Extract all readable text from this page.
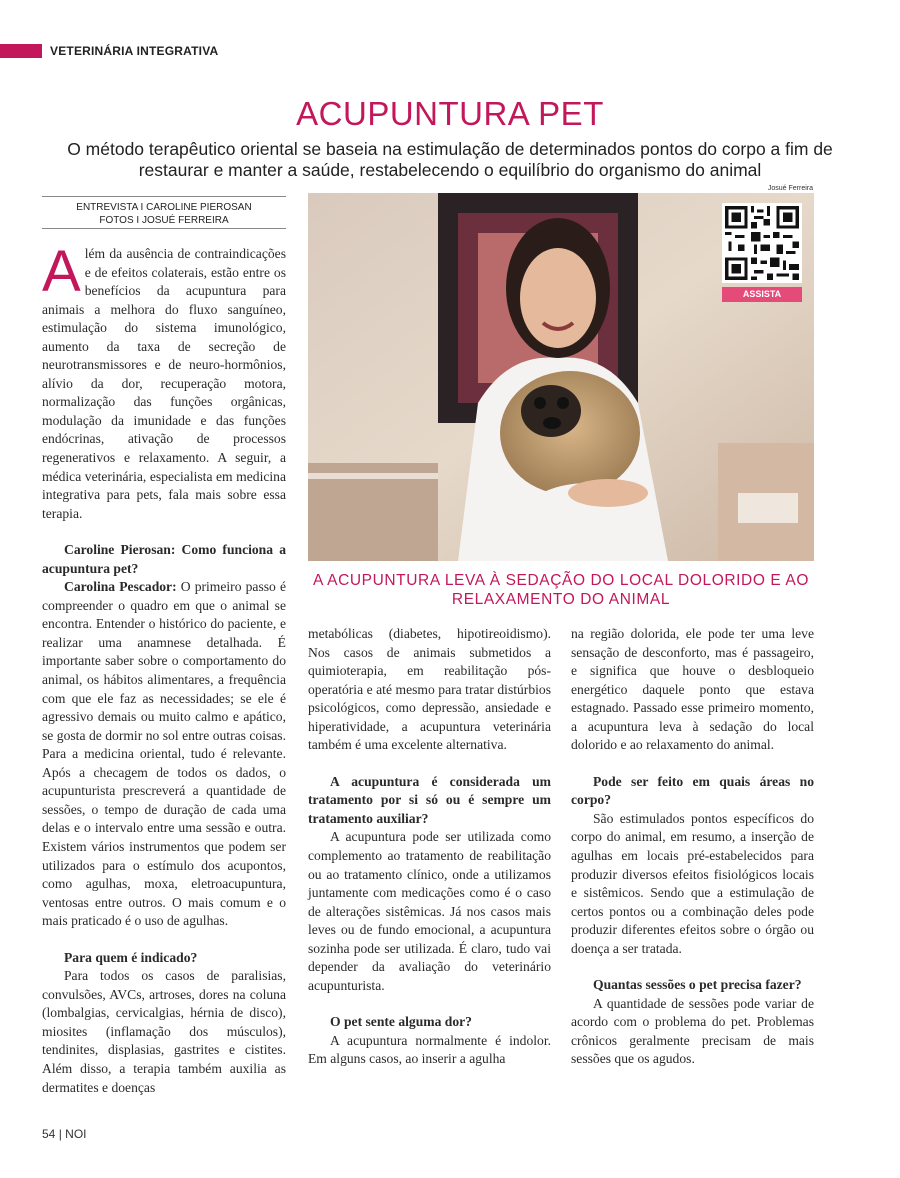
VETERINÁRIA INTEGRATIVA
ACUPUNTURA PET
O método terapêutico oriental se baseia na estimulação de determinados pontos do corpo a fim de restaurar e manter a saúde, restabelecendo o equilíbrio do organismo do animal
ENTREVISTA I CAROLINE PIEROSAN
FOTOS I JOSUÉ FERREIRA
Josué Ferreira
ASSISTA
A ACUPUNTURA LEVA À SEDAÇÃO DO LOCAL DOLORIDO E AO RELAXAMENTO DO ANIMAL

Além da ausência de contraindicações e de efeitos colaterais, estão entre os benefícios da acupuntura para animais a melhora do fluxo sanguíneo, estimulação do sistema imunológico, aumento da taxa de secreção de neurotransmissores e de neuro-hormônios, alívio da dor, recuperação motora, normalização das funções orgânicas, modulação da imunidade e das funções endócrinas, ativação de processos regenerativos e relaxamento. A seguir, a médica veterinária, especialista em medicina integrativa para pets, fala mais sobre essa terapia.

Caroline Pierosan: Como funciona a acupuntura pet?

Carolina Pescador: O primeiro passo é compreender o quadro em que o animal se encontra. Entender o histórico do paciente, e realizar uma anamnese detalhada. É importante saber sobre o comportamento do animal, os hábitos alimentares, a frequência com que ele faz as necessidades; se ele é agressivo demais ou muito calmo e apático, se gosta de dormir no sol entre outras coisas. Para a medicina oriental, tudo é relevante. Após a checagem de todos os dados, o acupunturista prescreverá a quantidade de sessões, o tempo de duração de cada uma delas e o intervalo entre uma sessão e outra. Existem vários instrumentos que podem ser utilizados para o estímulo dos acupontos, como agulhas, moxa, eletroacupuntura, ventosas entre outros. O mais comum e o mais praticado é o uso de agulhas.

Para quem é indicado?

Para todos os casos de paralisias, convulsões, AVCs, artroses, dores na coluna (lombalgias, cervicalgias, hérnia de disco), miosites (inflamação dos músculos), tendinites, displasias, gastrites e cistites. Além disso, a terapia também auxilia as dermatites e doenças

metabólicas (diabetes, hipotireoidismo). Nos casos de animais submetidos a quimioterapia, em reabilitação pós-operatória e até mesmo para tratar distúrbios psicológicos, como depressão, ansiedade e hiperatividade, a acupuntura veterinária também é uma excelente alternativa.

A acupuntura é considerada um tratamento por si só ou é sempre um tratamento auxiliar?

A acupuntura pode ser utilizada como complemento ao tratamento de reabilitação ou ao tratamento clínico, onde a utilizamos juntamente com medicações como é o caso de alterações sistêmicas. Já nos casos mais leves ou de fundo emocional, a acupuntura sozinha pode ser utilizada. É claro, tudo vai depender da avaliação do veterinário acupunturista.

O pet sente alguma dor?

A acupuntura normalmente é indolor. Em alguns casos, ao inserir a agulha

na região dolorida, ele pode ter uma leve sensação de desconforto, mas é passageiro, e significa que houve o desbloqueio energético daquele ponto que estava estagnado. Passado esse primeiro momento, a acupuntura leva à sedação do local dolorido e ao relaxamento do animal.

Pode ser feito em quais áreas no corpo?

São estimulados pontos específicos do corpo do animal, em resumo, a inserção de agulhas em locais pré-estabelecidos para produzir diversos efeitos fisiológicos locais e sistêmicos. Sendo que a estimulação de certos pontos ou a combinação deles pode produzir diferentes efeitos sobre o órgão ou doença a ser tratada.

Quantas sessões o pet precisa fazer?

A quantidade de sessões pode variar de acordo com o problema do pet. Problemas crônicos geralmente precisam de mais sessões que os agudos.

54 | NOI
